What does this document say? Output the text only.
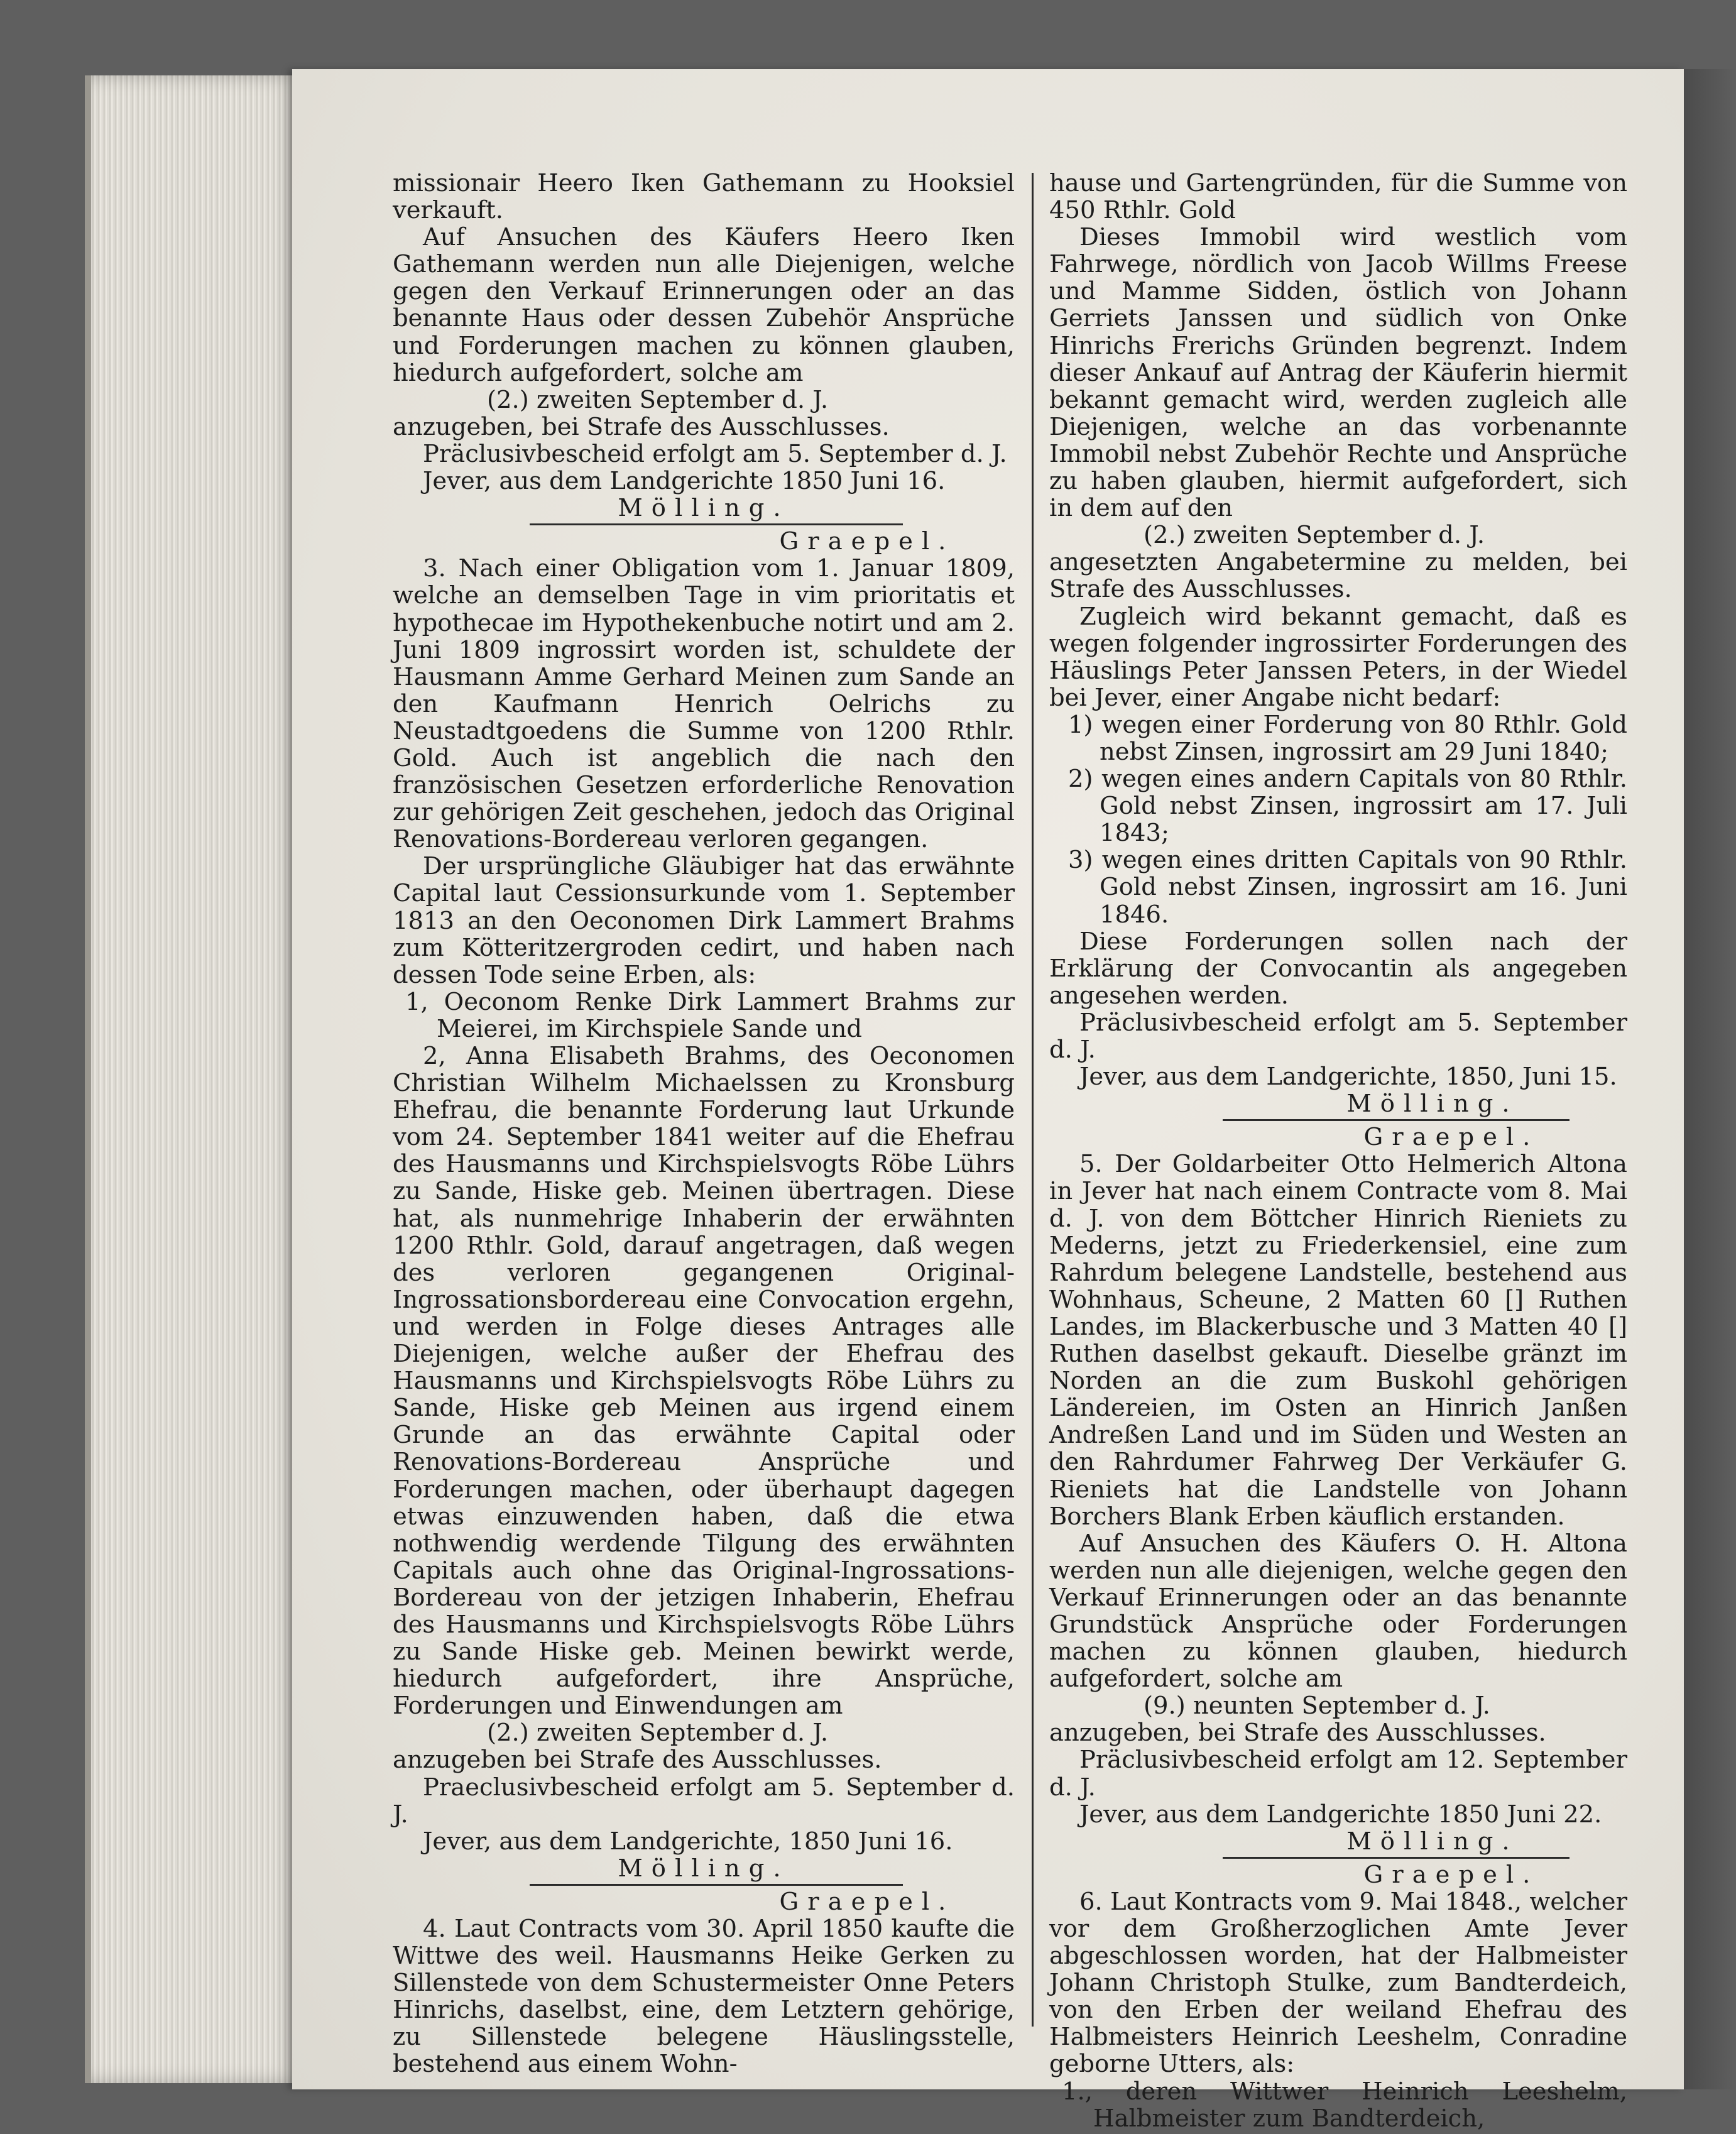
missionair Heero Iken Gathemann zu Hooksiel verkauft.

Auf Ansuchen des Käufers Heero Iken Gathemann werden nun alle Diejenigen, welche gegen den Verkauf Erinnerungen oder an das benannte Haus oder dessen Zubehör Ansprüche und Forderungen machen zu können glauben, hiedurch aufgefordert, solche am

(2.) zweiten September d. J.

anzugeben, bei Strafe des Ausschlusses.

Präclusivbescheid erfolgt am 5. September d. J.

Jever, aus dem Landgerichte 1850 Juni 16.

Mölling.

Graepel.

3. Nach einer Obligation vom 1. Januar 1809, welche an demselben Tage in vim prioritatis et hypothecae im Hypothekenbuche notirt und am 2. Juni 1809 ingrossirt worden ist, schuldete der Hausmann Amme Gerhard Meinen zum Sande an den Kaufmann Henrich Oelrichs zu Neustadtgoedens die Summe von 1200 Rthlr. Gold. Auch ist angeblich die nach den französischen Gesetzen erforderliche Renovation zur gehörigen Zeit geschehen, jedoch das Original Renovations-Bordereau verloren gegangen.

Der ursprüngliche Gläubiger hat das erwähnte Capital laut Cessionsurkunde vom 1. September 1813 an den Oeconomen Dirk Lammert Brahms zum Kötteritzergroden cedirt, und haben nach dessen Tode seine Erben, als:

1, Oeconom Renke Dirk Lammert Brahms zur Meierei, im Kirchspiele Sande und

2, Anna Elisabeth Brahms, des Oeconomen Christian Wilhelm Michaelssen zu Kronsburg Ehefrau, die benannte Forderung laut Urkunde vom 24. September 1841 weiter auf die Ehefrau des Hausmanns und Kirchspielsvogts Röbe Lührs zu Sande, Hiske geb. Meinen übertragen. Diese hat, als nunmehrige Inhaberin der erwähnten 1200 Rthlr. Gold, darauf angetragen, daß wegen des verloren gegangenen Original-Ingrossationsbordereau eine Convocation ergehn, und werden in Folge dieses Antrages alle Diejenigen, welche außer der Ehefrau des Hausmanns und Kirchspielsvogts Röbe Lührs zu Sande, Hiske geb Meinen aus irgend einem Grunde an das erwähnte Capital oder Renovations-Bordereau Ansprüche und Forderungen machen, oder überhaupt dagegen etwas einzuwenden haben, daß die etwa nothwendig werdende Tilgung des erwähnten Capitals auch ohne das Original-Ingrossations-Bordereau von der jetzigen Inhaberin, Ehefrau des Hausmanns und Kirchspielsvogts Röbe Lührs zu Sande Hiske geb. Meinen bewirkt werde, hiedurch aufgefordert, ihre Ansprüche, Forderungen und Einwendungen am

(2.) zweiten September d. J.

anzugeben bei Strafe des Ausschlusses.

Praeclusivbescheid erfolgt am 5. September d. J.

Jever, aus dem Landgerichte, 1850 Juni 16.

Mölling.

Graepel.

4. Laut Contracts vom 30. April 1850 kaufte die Wittwe des weil. Hausmanns Heike Gerken zu Sillenstede von dem Schustermeister Onne Peters Hinrichs, daselbst, eine, dem Letztern gehörige, zu Sillenstede belegene Häuslingsstelle, bestehend aus einem Wohn-

hause und Gartengründen, für die Summe von 450 Rthlr. Gold

Dieses Immobil wird westlich vom Fahrwege, nördlich von Jacob Willms Freese und Mamme Sidden, östlich von Johann Gerriets Janssen und südlich von Onke Hinrichs Frerichs Gründen begrenzt. Indem dieser Ankauf auf Antrag der Käuferin hiermit bekannt gemacht wird, werden zugleich alle Diejenigen, welche an das vorbenannte Immobil nebst Zubehör Rechte und Ansprüche zu haben glauben, hiermit aufgefordert, sich in dem auf den

(2.) zweiten September d. J.

angesetzten Angabetermine zu melden, bei Strafe des Ausschlusses.

Zugleich wird bekannt gemacht, daß es wegen folgender ingrossirter Forderungen des Häuslings Peter Janssen Peters, in der Wiedel bei Jever, einer Angabe nicht bedarf:

1) wegen einer Forderung von 80 Rthlr. Gold nebst Zinsen, ingrossirt am 29 Juni 1840;

2) wegen eines andern Capitals von 80 Rthlr. Gold nebst Zinsen, ingrossirt am 17. Juli 1843;

3) wegen eines dritten Capitals von 90 Rthlr. Gold nebst Zinsen, ingrossirt am 16. Juni 1846.

Diese Forderungen sollen nach der Erklärung der Convocantin als angegeben angesehen werden.

Präclusivbescheid erfolgt am 5. September d. J.

Jever, aus dem Landgerichte, 1850, Juni 15.

Mölling.

Graepel.

5. Der Goldarbeiter Otto Helmerich Altona in Jever hat nach einem Contracte vom 8. Mai d. J. von dem Böttcher Hinrich Rieniets zu Mederns, jetzt zu Friederkensiel, eine zum Rahrdum belegene Landstelle, bestehend aus Wohnhaus, Scheune, 2 Matten 60 [] Ruthen Landes, im Blackerbusche und 3 Matten 40 [] Ruthen daselbst gekauft. Dieselbe gränzt im Norden an die zum Buskohl gehörigen Ländereien, im Osten an Hinrich Janßen Andreßen Land und im Süden und Westen an den Rahrdumer Fahrweg Der Verkäufer G. Rieniets hat die Landstelle von Johann Borchers Blank Erben käuflich erstanden.

Auf Ansuchen des Käufers O. H. Altona werden nun alle diejenigen, welche gegen den Verkauf Erinnerungen oder an das benannte Grundstück Ansprüche oder Forderungen machen zu können glauben, hiedurch aufgefordert, solche am

(9.) neunten September d. J.

anzugeben, bei Strafe des Ausschlusses.

Präclusivbescheid erfolgt am 12. September d. J.

Jever, aus dem Landgerichte 1850 Juni 22.

Mölling.

Graepel.

6. Laut Kontracts vom 9. Mai 1848., welcher vor dem Großherzoglichen Amte Jever abgeschlossen worden, hat der Halbmeister Johann Christoph Stulke, zum Bandterdeich, von den Erben der weiland Ehefrau des Halbmeisters Heinrich Leeshelm, Conradine geborne Utters, als:

1., deren Wittwer Heinrich Leeshelm, Halbmeister zum Bandterdeich,
